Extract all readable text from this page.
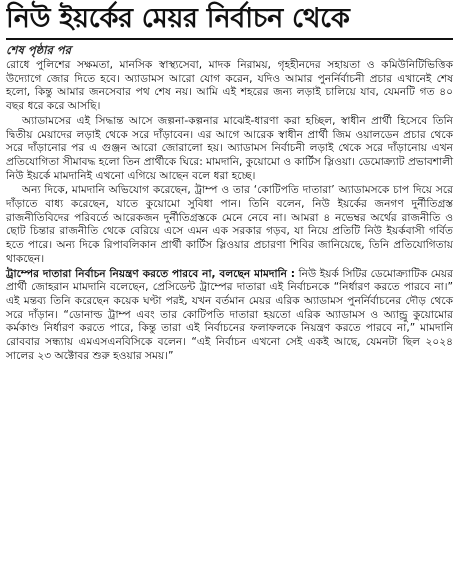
নিউ ইয়র্কের মেয়র নির্বাচন থেকে
শেষ পৃষ্ঠার পর

রোধে পুলিশের সক্ষমতা, মানসিক স্বাস্থ্যসেবা, মাদক নিরাময়, গৃহহীনদের সহায়তা ও কমিউনিটিভিত্তিক উদ্যোগে জোর দিতে হবে। অ্যাডামস আরো যোগ করেন, যদিও আমার পুনর্নির্বাচনী প্রচার এখানেই শেষ হলো, কিন্তু আমার জনসেবার পথ শেষ নয়। আমি এই শহরের জন্য লড়াই চালিয়ে যাব, যেমনটি গত ৪০ বছর ধরে করে আসছি।

অ্যাডামসের এই সিদ্ধান্ত আসে জল্পনা-কল্পনার মাঝেই-ধারণা করা হচ্ছিল, স্বাধীন প্রার্থী হিসেবে তিনি দ্বিতীয় মেয়াদের লড়াই থেকে সরে দাঁড়াবেন। এর আগে আরেক স্বাধীন প্রার্থী জিম ওয়ালডেন প্রচার থেকে সরে দাঁড়ানোর পর এ গুঞ্জন আরো জোরালো হয়। অ্যাডামস নির্বাচনী লড়াই থেকে সরে দাঁড়ানোয় এখন প্রতিযোগিতা সীমাবদ্ধ হলো তিন প্রার্থীকে ঘিরে: মামদানি, কুয়োমো ও কার্টিস স্লিওয়া। ডেমোক্র্যাট প্রভাবশালী নিউ ইয়র্কে মামদানিই এখনো এগিয়ে আছেন বলে ধরা হচ্ছে।

অন্য দিকে, মামদানি অভিযোগ করেছেন, ট্রাম্প ও তার ‘কোটিপতি দাতারা’ অ্যাডামসকে চাপ দিয়ে সরে দাঁড়াতে বাধ্য করেছেন, যাতে কুয়োমো সুবিধা পান। তিনি বলেন, নিউ ইয়র্কের জনগণ দুর্নীতিগ্রস্ত রাজনীতিবিদের পরিবর্তে আরেকজন দুর্নীতিগ্রস্তকে মেনে নেবে না। আমরা ৪ নভেম্বর অর্থের রাজনীতি ও ছোট চিন্তার রাজনীতি থেকে বেরিয়ে এসে এমন এক সরকার গড়ব, যা নিয়ে প্রতিটি নিউ ইয়র্কবাসী গর্বিত হতে পারে। অন্য দিকে রিপাবলিকান প্রার্থী কার্টিস স্লিওয়ার প্রচারণা শিবির জানিয়েছে, তিনি প্রতিযোগিতায় থাকছেন।

ট্রাম্পের দাতারা নির্বাচন নিয়ন্ত্রণ করতে পারবে না, বলছেন মামদানি : নিউ ইয়র্ক সিটির ডেমোক্র্যাটিক মেয়র প্রার্থী জোহরান মামদানি বলেছেন, প্রেসিডেন্ট ট্রাম্পের দাতারা এই নির্বাচনকে “নির্ধারণ করতে পারবে না।” এই মন্তব্য তিনি করেছেন কয়েক ঘণ্টা পরই, যখন বর্তমান মেয়র এরিক অ্যাডামস পুনর্নির্বাচনের দৌড় থেকে সরে দাঁড়ান। “ডোনাল্ড ট্রাম্প এবং তার কোটিপতি দাতারা হয়তো এরিক অ্যাডামস ও অ্যান্ড্রু কুয়োমোর কর্মকাণ্ড নির্ধারণ করতে পারে, কিন্তু তারা এই নির্বাচনের ফলাফলকে নিয়ন্ত্রণ করতে পারবে না,” মামদানি রোববার সন্ধ্যায় এমএসএনবিসিকে বলেন। “এই নির্বাচন এখনো সেই একই আছে, যেমনটা ছিল ২০২৪ সালের ২৩ অক্টোবর শুরু হওয়ার সময়।”
